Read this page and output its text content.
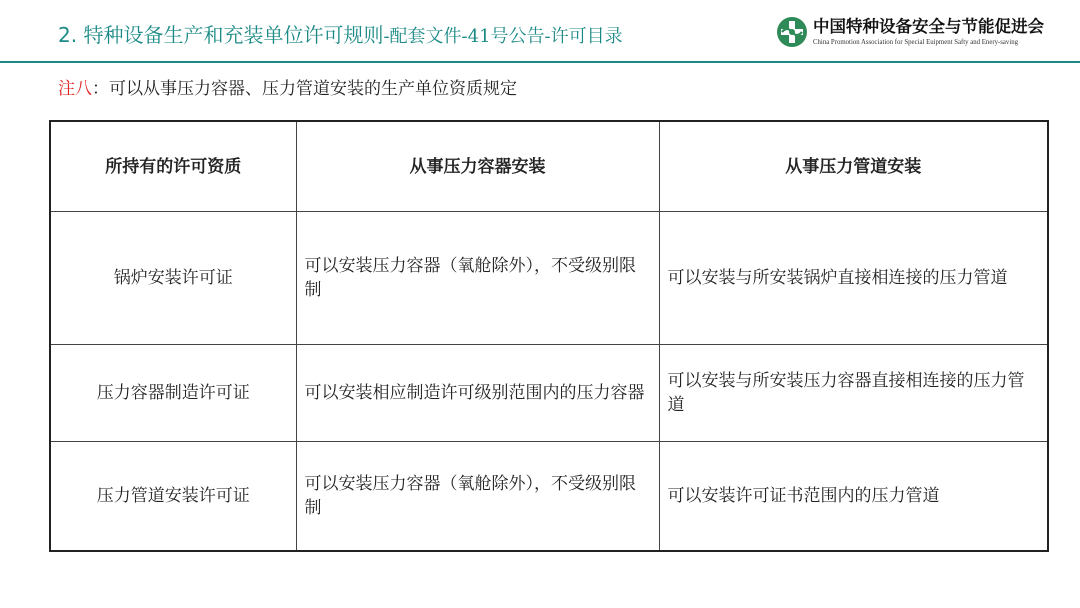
2. 特种设备生产和充装单位许可规则-配套文件-41号公告-许可目录	中国特种设备安全与节能促进会
China Promotion Association for Special Euipment Safty and Enery-saving
注八：可以从事压力容器、压力管道安装的生产单位资质规定
所持有的许可资质	从事压力容器安装	从事压力管道安装
锅炉安装许可证	可以安装压力容器（氧舱除外），不受级别限制	可以安装与所安装锅炉直接相连接的压力管道
压力容器制造许可证	可以安装相应制造许可级别范围内的压力容器	可以安装与所安装压力容器直接相连接的压力管道
压力管道安装许可证	可以安装压力容器（氧舱除外），不受级别限制	可以安装许可证书范围内的压力管道
